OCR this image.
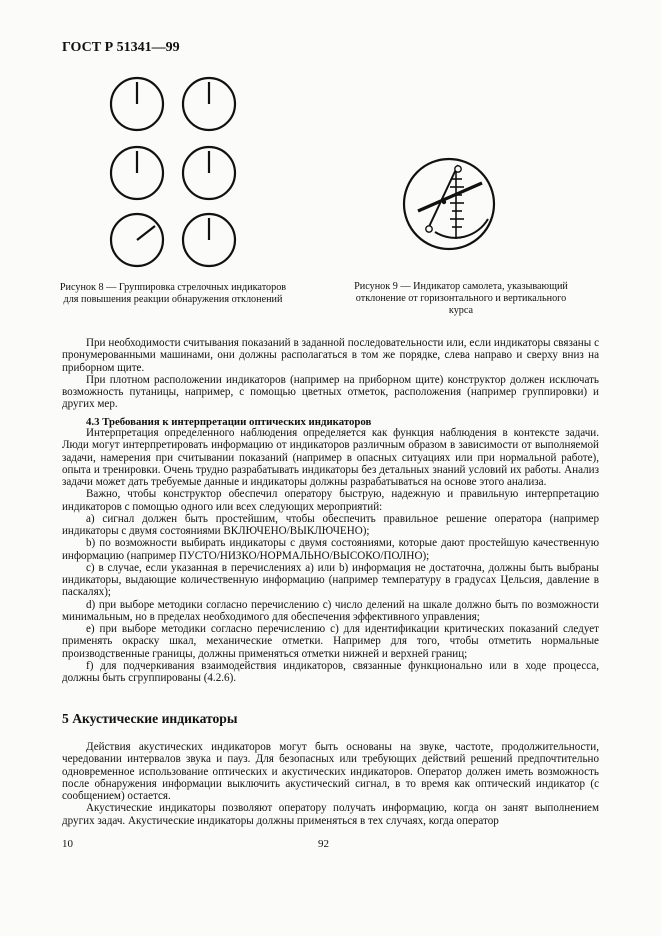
ГОСТ Р 51341—99
Рисунок 8 — Группировка стрелочных индикаторов для повышения реакции обнаружения отклонений
Рисунок 9 — Индикатор самолета, указывающий отклонение от горизонтального и вертикального курса

При необходимости считывания показаний в заданной последовательности или, если индикаторы связаны с пронумерованными машинами, они должны располагаться в том же порядке, слева направо и сверху вниз на приборном щите.

При плотном расположении индикаторов (например на приборном щите) конструктор должен исключать возможность путаницы, например, с помощью цветных отметок, расположения (например группировки) и других мер.

4.3 Требования к интерпретации оптических индикаторов

Интерпретация определенного наблюдения определяется как функция наблюдения в контексте задачи. Люди могут интерпретировать информацию от индикаторов различным образом в зависимости от выполняемой задачи, намерения при считывании показаний (например в опасных ситуациях или при нормальной работе), опыта и тренировки. Очень трудно разрабатывать индикаторы без детальных знаний условий их работы. Анализ задачи может дать требуемые данные и индикаторы должны разрабатываться на основе этого анализа.

Важно, чтобы конструктор обеспечил оператору быструю, надежную и правильную интерпретацию индикаторов с помощью одного или всех следующих мероприятий:

a) сигнал должен быть простейшим, чтобы обеспечить правильное решение оператора (например индикаторы с двумя состояниями ВКЛЮЧЕНО/ВЫКЛЮЧЕНО);

b) по возможности выбирать индикаторы с двумя состояниями, которые дают простейшую качественную информацию (например ПУСТО/НИЗКО/НОРМАЛЬНО/ВЫСОКО/ПОЛНО);

c) в случае, если указанная в перечислениях a) или b) информация не достаточна, должны быть выбраны индикаторы, выдающие количественную информацию (например температуру в градусах Цельсия, давление в паскалях);

d) при выборе методики согласно перечислению c) число делений на шкале должно быть по возможности минимальным, но в пределах необходимого для обеспечения эффективного управления;

e) при выборе методики согласно перечислению c) для идентификации критических показаний следует применять окраску шкал, механические отметки. Например для того, чтобы отметить нормальные производственные границы, должны применяться отметки нижней и верхней границ;

f) для подчеркивания взаимодействия индикаторов, связанные функционально или в ходе процесса, должны быть сгруппированы (4.2.6).

5 Акустические индикаторы

Действия акустических индикаторов могут быть основаны на звуке, частоте, продолжительности, чередовании интервалов звука и пауз. Для безопасных или требующих действий решений предпочтительно одновременное использование оптических и акустических индикаторов. Оператор должен иметь возможность после обнаружения информации выключить акустический сигнал, в то время как оптический индикатор (с сообщением) остается.

Акустические индикаторы позволяют оператору получать информацию, когда он занят выполнением других задач. Акустические индикаторы должны применяться в тех случаях, когда оператор

10	92
